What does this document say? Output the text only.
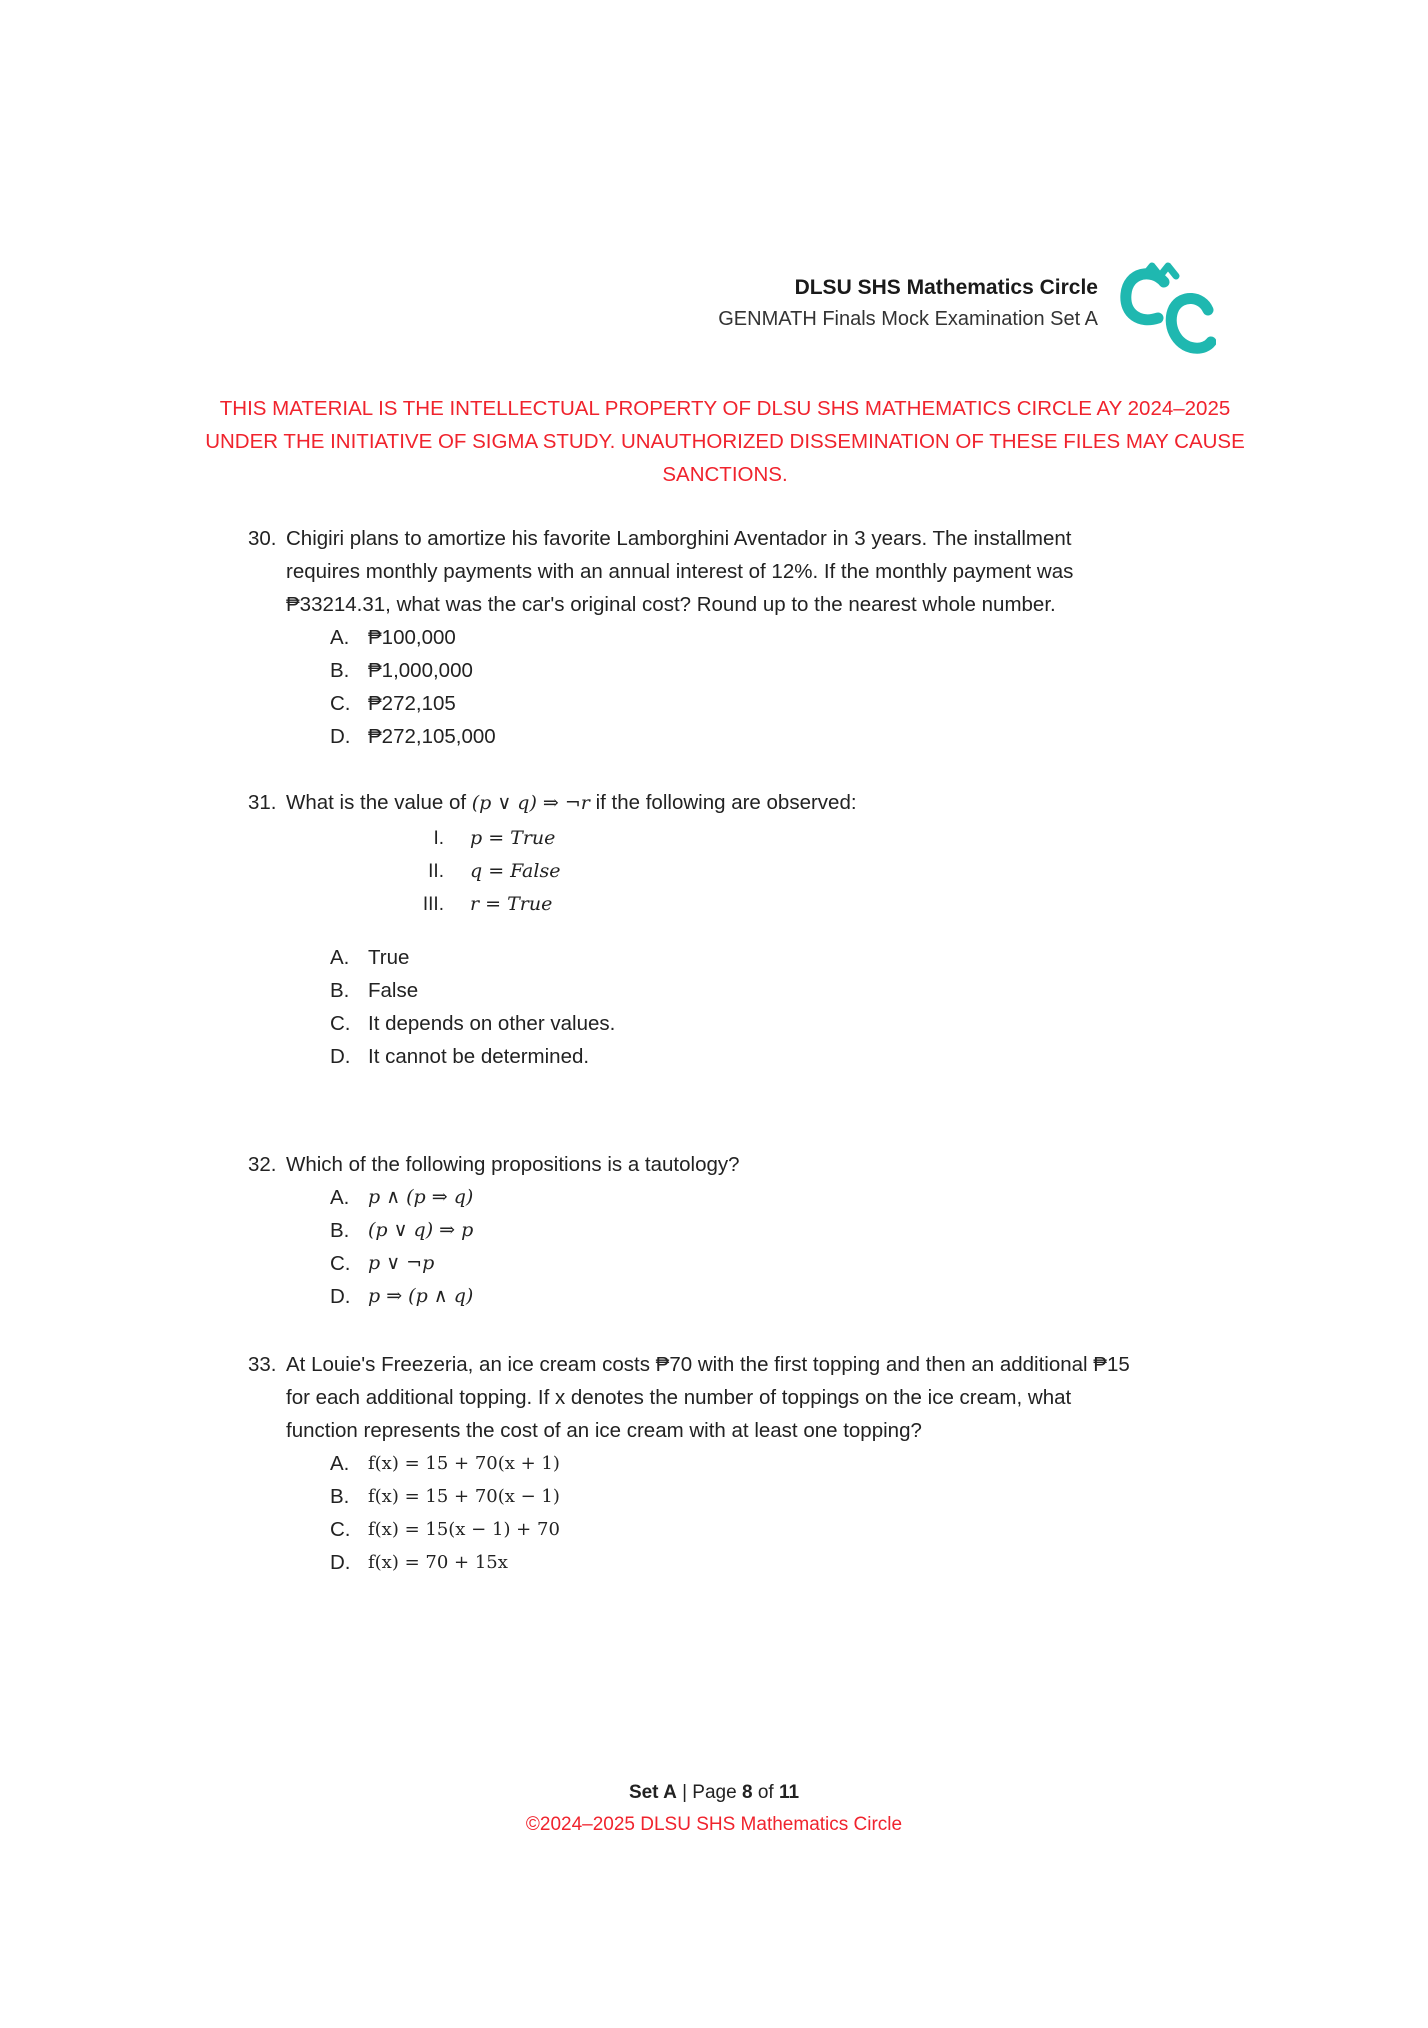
DLSU SHS Mathematics Circle
GENMATH Finals Mock Examination Set A
THIS MATERIAL IS THE INTELLECTUAL PROPERTY OF DLSU SHS MATHEMATICS CIRCLE AY 2024–2025
UNDER THE INITIATIVE OF SIGMA STUDY. UNAUTHORIZED DISSEMINATION OF THESE FILES MAY CAUSE
SANCTIONS.
30. Chigiri plans to amortize his favorite Lamborghini Aventador in 3 years. The installment
requires monthly payments with an annual interest of 12%. If the monthly payment was
₱33214.31, what was the car's original cost? Round up to the nearest whole number.
A. ₱100,000
B. ₱1,000,000
C. ₱272,105
D. ₱272,105,000
31. What is the value of (p ∨ q) ⇒ ¬r if the following are observed:
I. p = True
II. q = False
III. r = True
A. True
B. False
C. It depends on other values.
D. It cannot be determined.
32. Which of the following propositions is a tautology?
A. p ∧ (p ⇒ q)
B. (p ∨ q) ⇒ p
C. p ∨ ¬p
D. p ⇒ (p ∧ q)
33. At Louie's Freezeria, an ice cream costs ₱70 with the first topping and then an additional ₱15
for each additional topping. If x denotes the number of toppings on the ice cream, what
function represents the cost of an ice cream with at least one topping?
A.	f(x) = 15 + 70(x + 1)
B.	f(x) = 15 + 70(x − 1)
C. f(x) = 15(x − 1) + 70
D. f(x) = 70 + 15x
Set A | Page 8 of 11
©2024–2025 DLSU SHS Mathematics Circle
